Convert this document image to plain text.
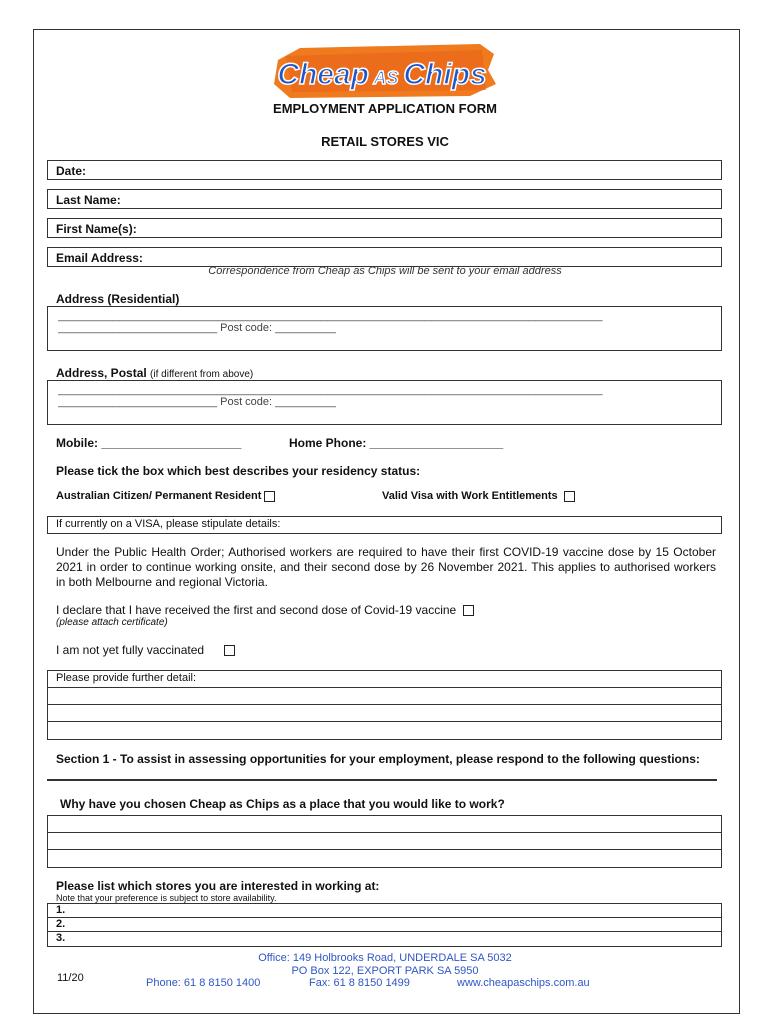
Cheap AS Chips
EMPLOYMENT APPLICATION FORM
RETAIL STORES VIC
Date:
Last Name:
First Name(s):
Email Address:
Correspondence from Cheap as Chips will be sent to your email address
Address (Residential)
_________________________________________________________________________________________
__________________________ Post code: __________
Address, Postal (if different from above)
_________________________________________________________________________________________
__________________________ Post code: __________
Mobile: _____________________	Home Phone: ____________________
Please tick the box which best describes your residency status:
Australian Citizen/ Permanent Resident	Valid Visa with Work Entitlements
If currently on a VISA, please stipulate details:
Under the Public Health Order; Authorised workers are required to have their first COVID-19 vaccine dose by 15 October 2021 in order to continue working onsite, and their second dose by 26 November 2021. This applies to authorised workers in both Melbourne and regional Victoria.
I declare that I have received the first and second dose of Covid-19 vaccine
(please attach certificate)
I am not yet fully vaccinated
Please provide further detail:
Section 1 - To assist in assessing opportunities for your employment, please respond to the following questions:
Why have you chosen Cheap as Chips as a place that you would like to work?
Please list which stores you are interested in working at:
Note that your preference is subject to store availability.
1.
2.
3.
Office: 149 Holbrooks Road, UNDERDALE SA 5032
PO Box 122, EXPORT PARK SA 5950
11/20	Phone: 61 8 8150 1400	Fax: 61 8 8150 1499	www.cheapaschips.com.au
